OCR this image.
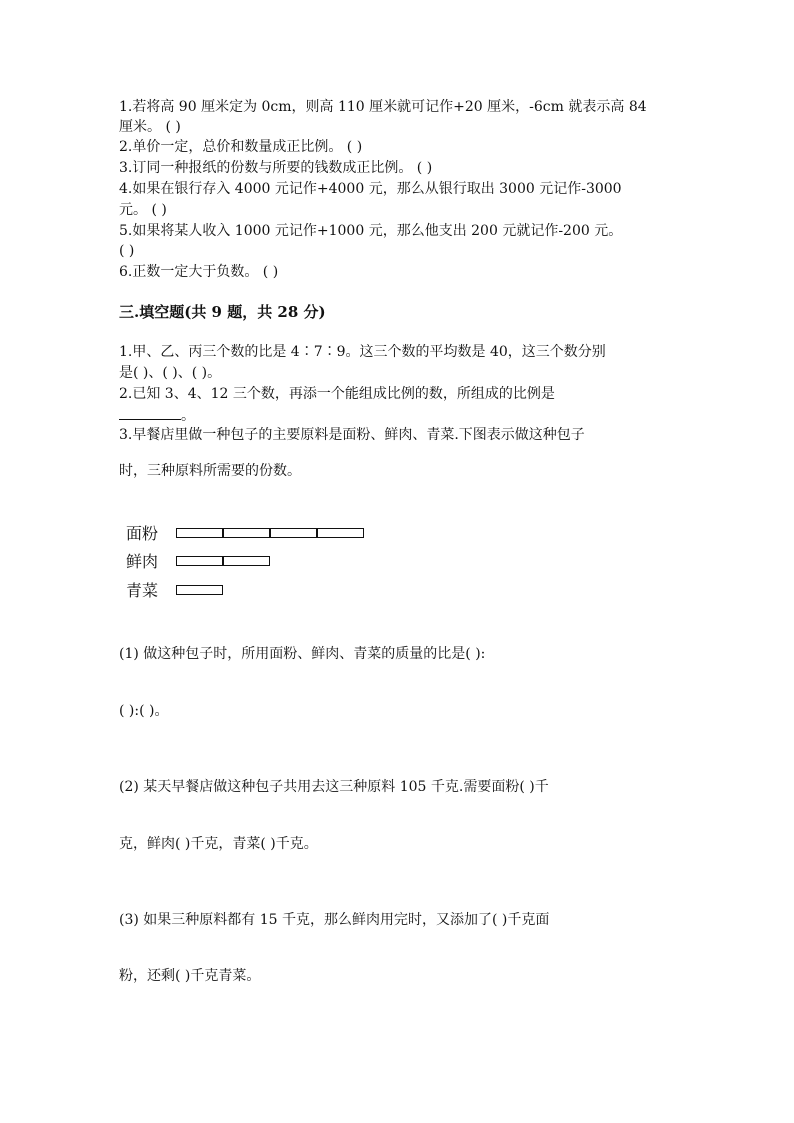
1.若将高 90 厘米定为 0cm，则高 110 厘米就可记作+20 厘米，-6cm 就表示高 84
厘米。 ( )
2.单价一定，总价和数量成正比例。 ( )
3.订同一种报纸的份数与所要的钱数成正比例。 ( )
4.如果在银行存入 4000 元记作+4000 元，那么从银行取出 3000 元记作-3000
元。 ( )
5.如果将某人收入 1000 元记作+1000 元，那么他支出 200 元就记作-200 元。
( )
6.正数一定大于负数。 ( )
三.填空题(共 9 题，共 28 分)
1.甲、乙、丙三个数的比是 4∶7∶9。这三个数的平均数是 40，这三个数分别
是( )、( )、( )。
2.已知 3、4、12 三个数，再添一个能组成比例的数，所组成的比例是
。
3.早餐店里做一种包子的主要原料是面粉、鲜肉、青菜.下图表示做这种包子
时，三种原料所需要的份数。
面粉
鲜肉
青菜
(1) 做这种包子时，所用面粉、鲜肉、青菜的质量的比是( ):
( ):( )。
(2) 某天早餐店做这种包子共用去这三种原料 105 千克.需要面粉( )千
克，鲜肉( )千克，青菜( )千克。
(3) 如果三种原料都有 15 千克，那么鲜肉用完时，又添加了( )千克面
粉，还剩( )千克青菜。
